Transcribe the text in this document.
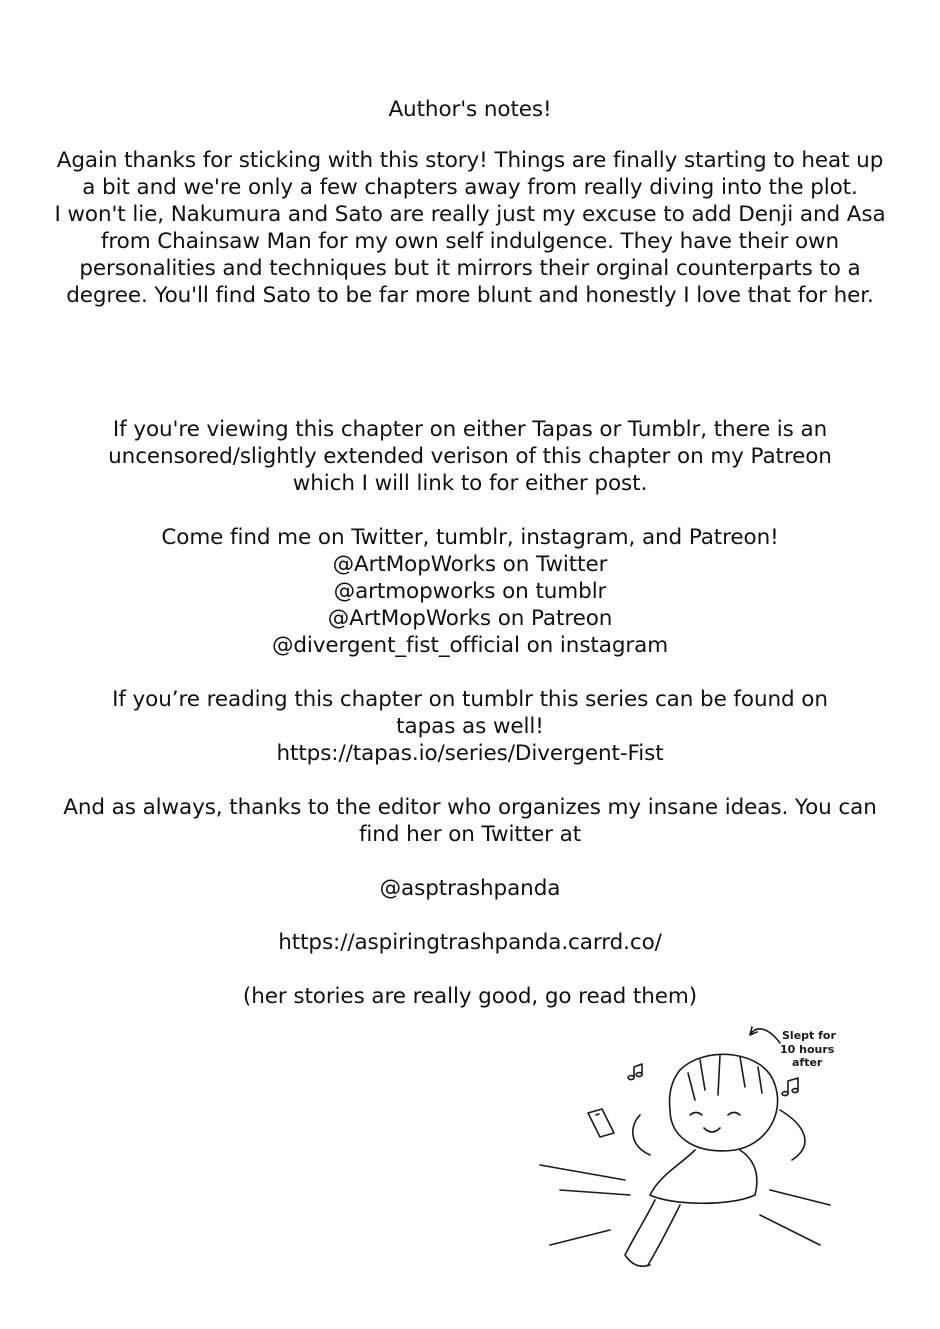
Author's notes!
Again thanks for sticking with this story! Things are finally starting to heat up
a bit and we're only a few chapters away from really diving into the plot.
I won't lie, Nakumura and Sato are really just my excuse to add Denji and Asa
from Chainsaw Man for my own self indulgence. They have their own
personalities and techniques but it mirrors their orginal counterparts to a
degree. You'll find Sato to be far more blunt and honestly I love that for her.
If you're viewing this chapter on either Tapas or Tumblr, there is an
uncensored/slightly extended verison of this chapter on my Patreon
which I will link to for either post.
Come find me on Twitter, tumblr, instagram, and Patreon!
@ArtMopWorks on Twitter
@artmopworks on tumblr
@ArtMopWorks on Patreon
@divergent_fist_official on instagram
If you’re reading this chapter on tumblr this series can be found on
tapas as well!
https://tapas.io/series/Divergent-Fist
And as always, thanks to the editor who organizes my insane ideas. You can
find her on Twitter at
@asptrashpanda
https://aspiringtrashpanda.carrd.co/
(her stories are really good, go read them)
Slept for
10 hours
after
